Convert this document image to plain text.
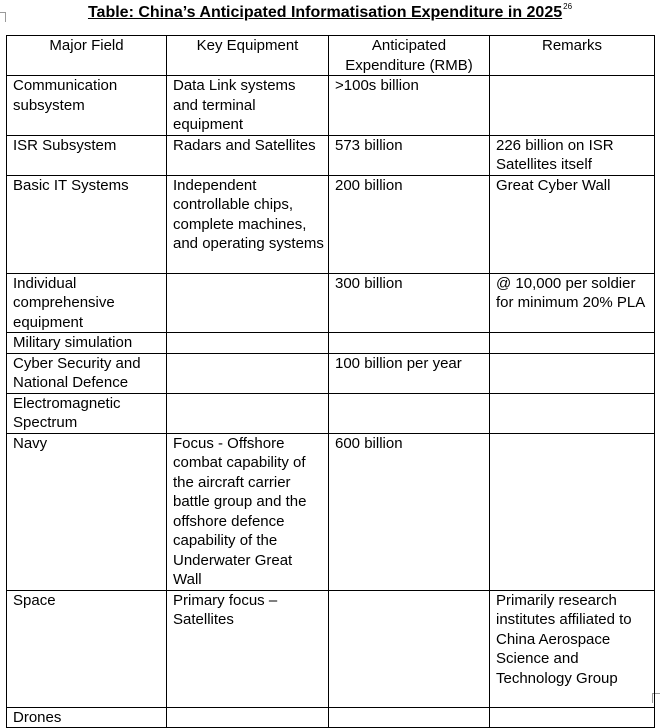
Table: China’s Anticipated Informatisation Expenditure in 2025$^{26}$
Major Field	Key Equipment	Anticipated Expenditure (RMB)	Remarks
Communication subsystem	Data Link systems and terminal equipment	>100s billion	
ISR Subsystem	Radars and Satellites	573 billion	226 billion on ISR Satellites itself
Basic IT Systems	Independent controllable chips, complete machines, and operating systems	200 billion	Great Cyber Wall
Individual comprehensive equipment		300 billion	@ 10,000 per soldier for minimum 20% PLA
Military simulation			
Cyber Security and National Defence		100 billion per year	
Electromagnetic Spectrum			
Navy	Focus - Offshore combat capability of the aircraft carrier battle group and the offshore defence capability of the Underwater Great Wall	600 billion	
Space	Primary focus – Satellites		Primarily research institutes affiliated to China Aerospace Science and Technology Group
Drones			
